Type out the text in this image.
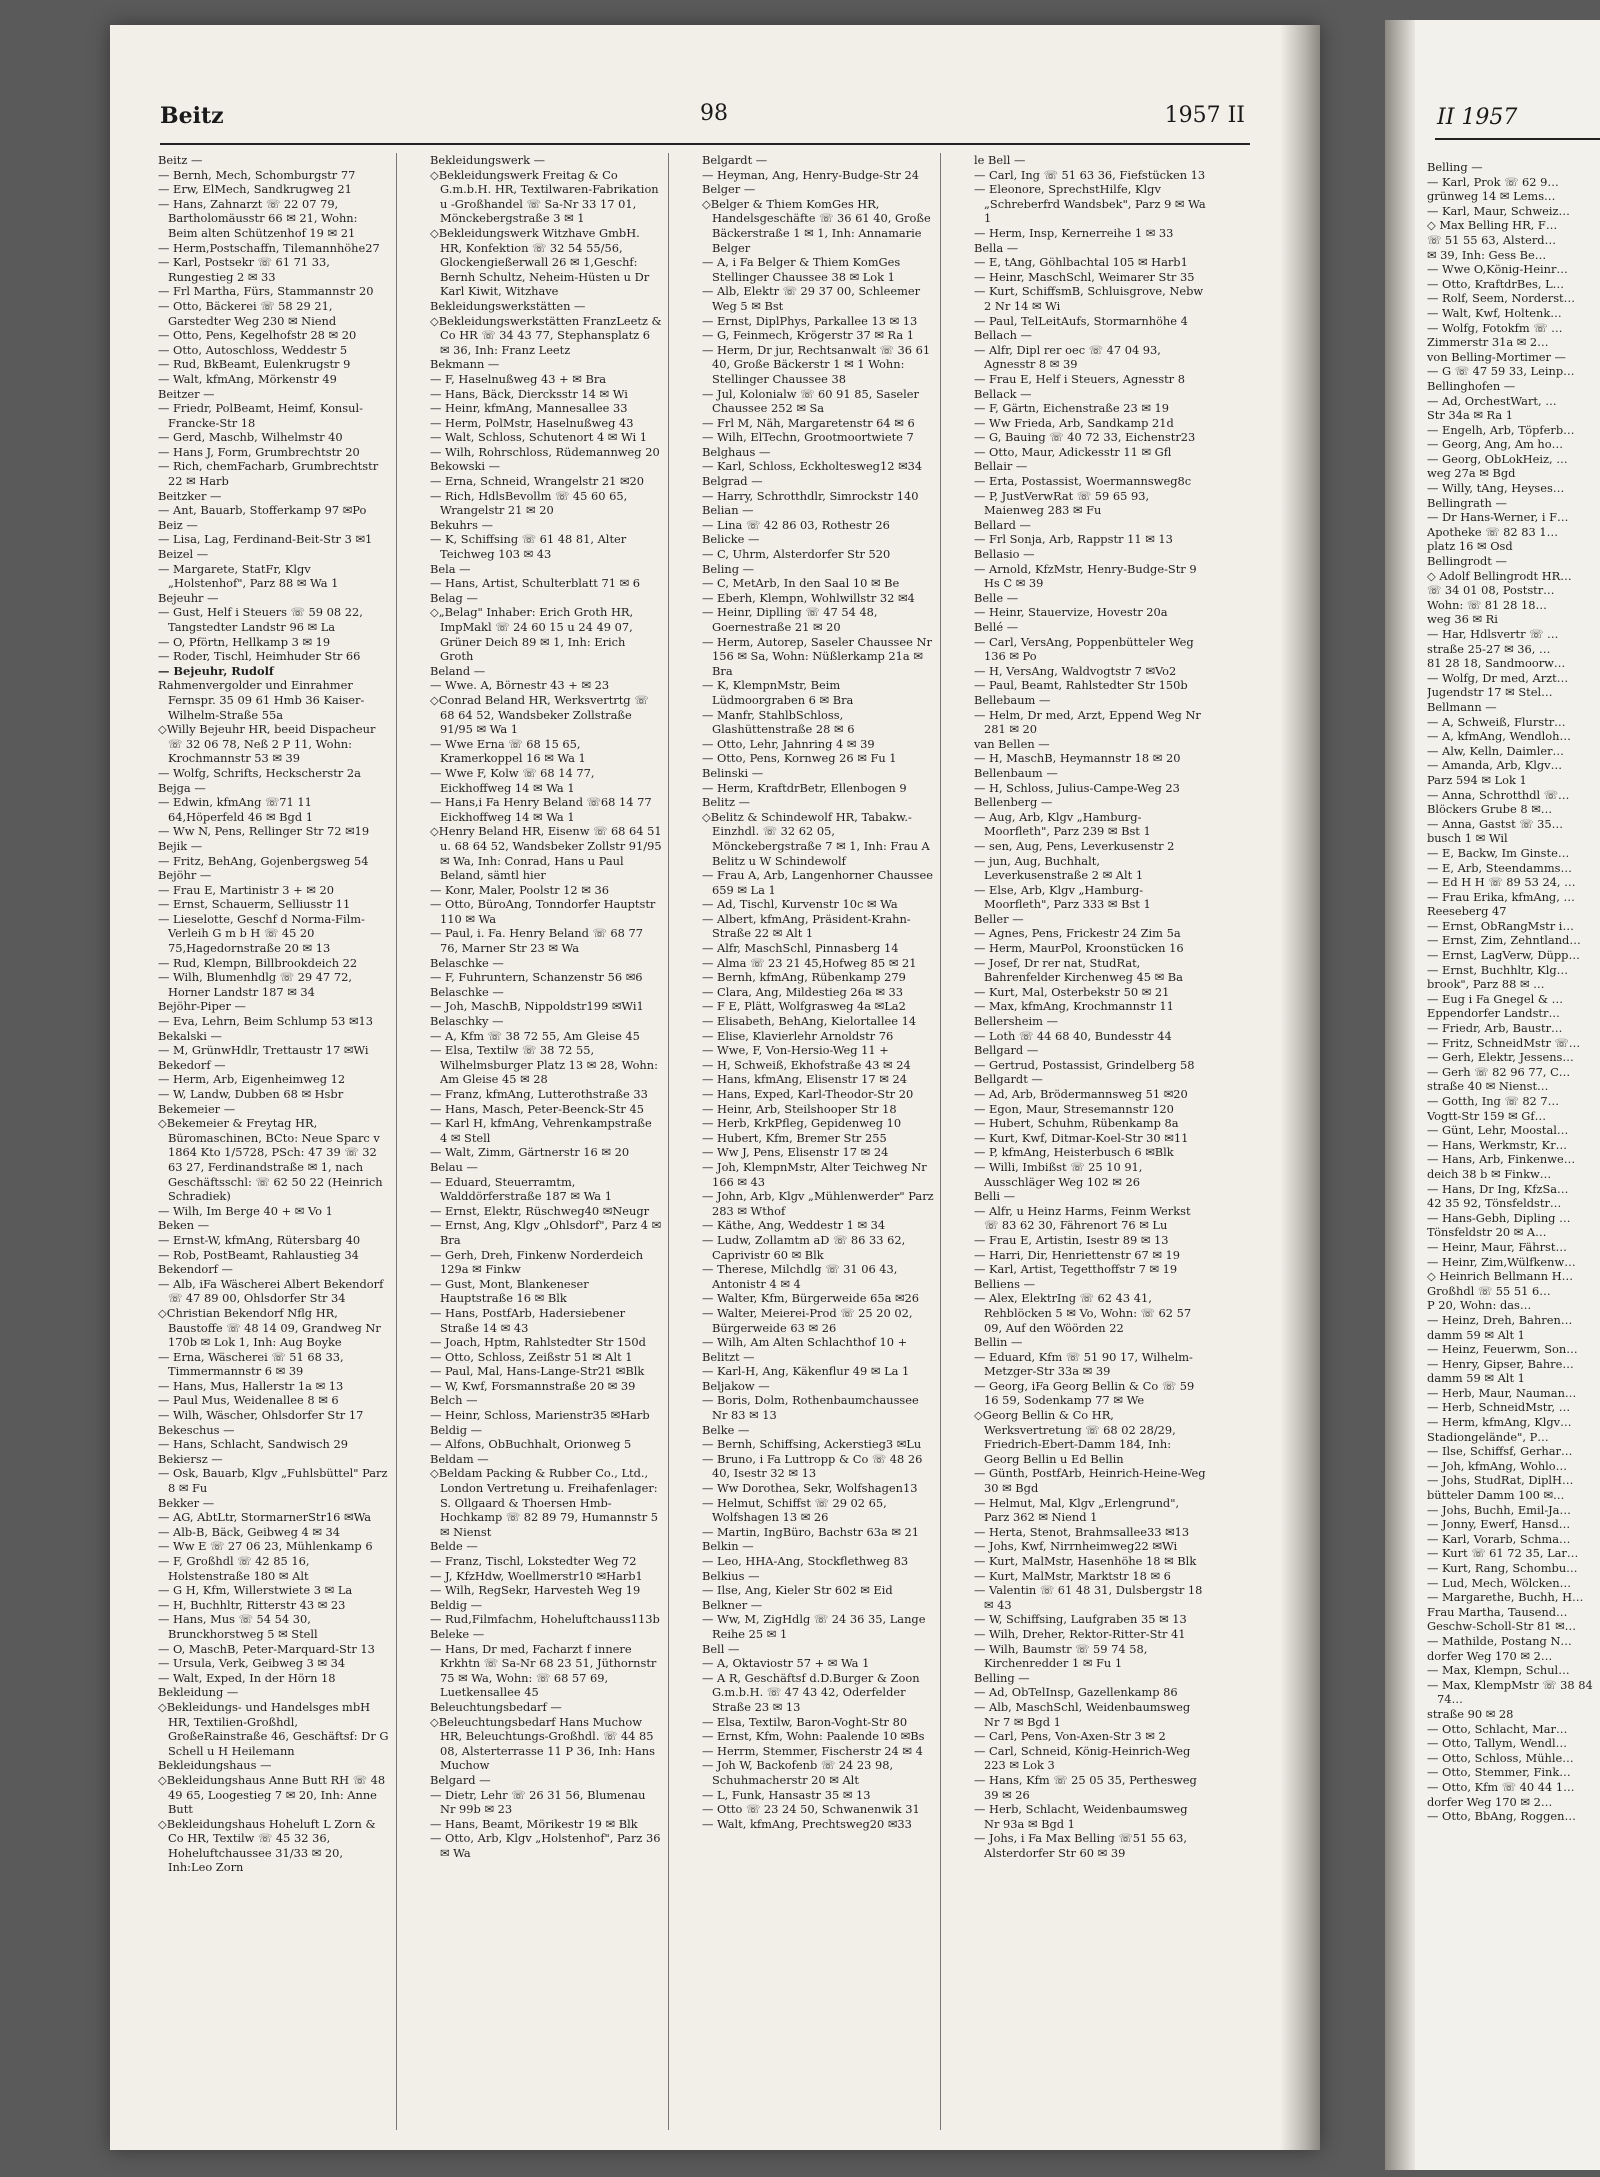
Beitz	98	1957 II

Beitz —

— Bernh, Mech, Schomburgstr 77

— Erw, ElMech, Sandkrugweg 21

— Hans, Zahnarzt ☏ 22 07 79, Bartholomäusstr 66 ✉ 21, Wohn: Beim alten Schützenhof 19 ✉ 21

— Herm,Postschaffn, Tilemannhöhe27

— Karl, Postsekr ☏ 61 71 33, Rungestieg 2 ✉ 33

— Frl Martha, Fürs, Stammannstr 20

— Otto, Bäckerei ☏ 58 29 21, Garstedter Weg 230 ✉ Niend

— Otto, Pens, Kegelhofstr 28 ✉ 20

— Otto, Autoschloss, Weddestr 5

— Rud, BkBeamt, Eulenkrugstr 9

— Walt, kfmAng, Mörkenstr 49

Beitzer —

— Friedr, PolBeamt, Heimf, Konsul-Francke-Str 18

— Gerd, Maschb, Wilhelmstr 40

— Hans J, Form, Grumbrechtstr 20

— Rich, chemFacharb, Grumbrechtstr 22 ✉ Harb

Beitzker —

— Ant, Bauarb, Stofferkamp 97 ✉Po

Beiz —

— Lisa, Lag, Ferdinand-Beit-Str 3 ✉1

Beizel —

— Margarete, StatFr, Klgv „Holstenhof", Parz 88 ✉ Wa 1

Bejeuhr —

— Gust, Helf i Steuers ☏ 59 08 22, Tangstedter Landstr 96 ✉ La

— O, Pförtn, Hellkamp 3 ✉ 19

— Roder, Tischl, Heimhuder Str 66

— Bejeuhr, Rudolf

Rahmenvergolder und Einrahmer Fernspr. 35 09 61 Hmb 36 Kaiser-Wilhelm-Straße 55a

◇ Willy Bejeuhr HR, beeid Dispacheur ☏ 32 06 78, Neß 2 P 11, Wohn: Krochmannstr 53 ✉ 39

— Wolfg, Schrifts, Heckscherstr 2a

Bejga —

— Edwin, kfmAng ☏71 11 64,Höperfeld 46 ✉ Bgd 1

— Ww N, Pens, Rellinger Str 72 ✉19

Bejik —

— Fritz, BehAng, Gojenbergsweg 54

Bejöhr —

— Frau E, Martinistr 3 + ✉ 20

— Ernst, Schauerm, Selliusstr 11

— Lieselotte, Geschf d Norma-Film-Verleih G m b H ☏ 45 20 75,Hagedornstraße 20 ✉ 13

— Rud, Klempn, Billbrookdeich 22

— Wilh, Blumenhdlg ☏ 29 47 72, Horner Landstr 187 ✉ 34

Bejöhr-Piper —

— Eva, Lehrn, Beim Schlump 53 ✉13

Bekalski —

— M, GrünwHdlr, Trettaustr 17 ✉Wi

Bekedorf —

— Herm, Arb, Eigenheimweg 12

— W, Landw, Dubben 68 ✉ Hsbr

Bekemeier —

◇ Bekemeier & Freytag HR, Büromaschinen, BCto: Neue Sparc v 1864 Kto 1/5728, PSch: 47 39 ☏ 32 63 27, Ferdinandstraße ✉ 1, nach Geschäftsschl: ☏ 62 50 22 (Heinrich Schradiek)

— Wilh, Im Berge 40 + ✉ Vo 1

Beken —

— Ernst-W, kfmAng, Rütersbarg 40

— Rob, PostBeamt, Rahlaustieg 34

Bekendorf —

— Alb, iFa Wäscherei Albert Bekendorf ☏ 47 89 00, Ohlsdorfer Str 34

◇ Christian Bekendorf Nflg HR, Baustoffe ☏ 48 14 09, Grandweg Nr 170b ✉ Lok 1, Inh: Aug Boyke

— Erna, Wäscherei ☏ 51 68 33, Timmermannstr 6 ✉ 39

— Hans, Mus, Hallerstr 1a ✉ 13

— Paul Mus, Weidenallee 8 ✉ 6

— Wilh, Wäscher, Ohlsdorfer Str 17

Bekeschus —

— Hans, Schlacht, Sandwisch 29

Bekiersz —

— Osk, Bauarb, Klgv „Fuhlsbüttel" Parz 8 ✉ Fu

Bekker —

— AG, AbtLtr, StormarnerStr16 ✉Wa

— Alb-B, Bäck, Geibweg 4 ✉ 34

— Ww E ☏ 27 06 23, Mühlenkamp 6

— F, Großhdl ☏ 42 85 16, Holstenstraße 180 ✉ Alt

— G H, Kfm, Willerstwiete 3 ✉ La

— H, Buchhltr, Ritterstr 43 ✉ 23

— Hans, Mus ☏ 54 54 30, Brunckhorstweg 5 ✉ Stell

— O, MaschB, Peter-Marquard-Str 13

— Ursula, Verk, Geibweg 3 ✉ 34

— Walt, Exped, In der Hörn 18

Bekleidung —

◇ Bekleidungs- und Handelsges mbH HR, Textilien-Großhdl, GroßeRainstraße 46, Geschäftsf: Dr G Schell u H Heilemann

Bekleidungshaus —

◇ Bekleidungshaus Anne Butt RH ☏ 48 49 65, Loogestieg 7 ✉ 20, Inh: Anne Butt

◇ Bekleidungshaus Hoheluft L Zorn & Co HR, Textilw ☏ 45 32 36, Hoheluftchaussee 31/33 ✉ 20, Inh:Leo Zorn

Bekleidungswerk —

◇ Bekleidungswerk Freitag & Co G.m.b.H. HR, Textilwaren-Fabrikation u -Großhandel ☏ Sa-Nr 33 17 01, Mönckebergstraße 3 ✉ 1

◇ Bekleidungswerk Witzhave GmbH. HR, Konfektion ☏ 32 54 55/56, Glockengießerwall 26 ✉ 1,Geschf: Bernh Schultz, Neheim-Hüsten u Dr Karl Kiwit, Witzhave

Bekleidungswerkstätten —

◇ Bekleidungswerkstätten FranzLeetz & Co HR ☏ 34 43 77, Stephansplatz 6 ✉ 36, Inh: Franz Leetz

Bekmann —

— F, Haselnußweg 43 + ✉ Bra

— Hans, Bäck, Diercksstr 14 ✉ Wi

— Heinr, kfmAng, Mannesallee 33

— Herm, PolMstr, Haselnußweg 43

— Walt, Schloss, Schutenort 4 ✉ Wi 1

— Wilh, Rohrschloss, Rüdemannweg 20

Bekowski —

— Erna, Schneid, Wrangelstr 21 ✉20

— Rich, HdlsBevollm ☏ 45 60 65, Wrangelstr 21 ✉ 20

Bekuhrs —

— K, Schiffsing ☏ 61 48 81, Alter Teichweg 103 ✉ 43

Bela —

— Hans, Artist, Schulterblatt 71 ✉ 6

Belag —

◇ „Belag" Inhaber: Erich Groth HR, ImpMakl ☏ 24 60 15 u 24 49 07, Grüner Deich 89 ✉ 1, Inh: Erich Groth

Beland —

— Wwe. A, Börnestr 43 + ✉ 23

◇ Conrad Beland HR, Werksvertrtg ☏ 68 64 52, Wandsbeker Zollstraße 91/95 ✉ Wa 1

— Wwe Erna ☏ 68 15 65, Kramerkoppel 16 ✉ Wa 1

— Wwe F, Kolw ☏ 68 14 77, Eickhoffweg 14 ✉ Wa 1

— Hans,i Fa Henry Beland ☏68 14 77 Eickhoffweg 14 ✉ Wa 1

◇ Henry Beland HR, Eisenw ☏ 68 64 51 u. 68 64 52, Wandsbeker Zollstr 91/95 ✉ Wa, Inh: Conrad, Hans u Paul Beland, sämtl hier

— Konr, Maler, Poolstr 12 ✉ 36

— Otto, BüroAng, Tonndorfer Hauptstr 110 ✉ Wa

— Paul, i. Fa. Henry Beland ☏ 68 77 76, Marner Str 23 ✉ Wa

Belaschke —

— F, Fuhruntern, Schanzenstr 56 ✉6

Belaschke —

— Joh, MaschB, Nippoldstr199 ✉Wi1

Belaschky —

— A, Kfm ☏ 38 72 55, Am Gleise 45

— Elsa, Textilw ☏ 38 72 55, Wilhelmsburger Platz 13 ✉ 28, Wohn: Am Gleise 45 ✉ 28

— Franz, kfmAng, Lutterothstraße 33

— Hans, Masch, Peter-Beenck-Str 45

— Karl H, kfmAng, Vehrenkampstraße 4 ✉ Stell

— Walt, Zimm, Gärtnerstr 16 ✉ 20

Belau —

— Eduard, Steuerramtm, Walddörferstraße 187 ✉ Wa 1

— Ernst, Elektr, Rüschweg40 ✉Neugr

— Ernst, Ang, Klgv „Ohlsdorf", Parz 4 ✉ Bra

— Gerh, Dreh, Finkenw Norderdeich 129a ✉ Finkw

— Gust, Mont, Blankeneser Hauptstraße 16 ✉ Blk

— Hans, PostfArb, Hadersiebener Straße 14 ✉ 43

— Joach, Hptm, Rahlstedter Str 150d

— Otto, Schloss, Zeißstr 51 ✉ Alt 1

— Paul, Mal, Hans-Lange-Str21 ✉Blk

— W, Kwf, Forsmannstraße 20 ✉ 39

Belch —

— Heinr, Schloss, Marienstr35 ✉Harb

Beldig —

— Alfons, ObBuchhalt, Orionweg 5

Beldam —

◇ Beldam Packing & Rubber Co., Ltd., London Vertretung u. Freihafenlager: S. Ollgaard & Thoersen Hmb-Hochkamp ☏ 82 89 79, Humannstr 5 ✉ Nienst

Belde —

— Franz, Tischl, Lokstedter Weg 72

— J, KfzHdw, Woellmerstr10 ✉Harb1

— Wilh, RegSekr, Harvesteh Weg 19

Beldig —

— Rud,Filmfachm, Hoheluftchauss113b

Beleke —

— Hans, Dr med, Facharzt f innere Krkhtn ☏ Sa-Nr 68 23 51, Jüthornstr 75 ✉ Wa, Wohn: ☏ 68 57 69, Luetkensallee 45

Beleuchtungsbedarf —

◇ Beleuchtungsbedarf Hans Muchow HR, Beleuchtungs-Großhdl. ☏ 44 85 08, Alsterterrasse 11 P 36, Inh: Hans Muchow

Belgard —

— Dietr, Lehr ☏ 26 31 56, Blumenau Nr 99b ✉ 23

— Hans, Beamt, Mörikestr 19 ✉ Blk

— Otto, Arb, Klgv „Holstenhof", Parz 36 ✉ Wa

Belgardt —

— Heyman, Ang, Henry-Budge-Str 24

Belger —

◇ Belger & Thiem KomGes HR, Handelsgeschäfte ☏ 36 61 40, Große Bäckerstraße 1 ✉ 1, Inh: Annamarie Belger

— A, i Fa Belger & Thiem KomGes Stellinger Chaussee 38 ✉ Lok 1

— Alb, Elektr ☏ 29 37 00, Schleemer Weg 5 ✉ Bst

— Ernst, DiplPhys, Parkallee 13 ✉ 13

— G, Feinmech, Krögerstr 37 ✉ Ra 1

— Herm, Dr jur, Rechtsanwalt ☏ 36 61 40, Große Bäckerstr 1 ✉ 1 Wohn: Stellinger Chaussee 38

— Jul, Kolonialw ☏ 60 91 85, Saseler Chaussee 252 ✉ Sa

— Frl M, Näh, Margaretenstr 64 ✉ 6

— Wilh, ElTechn, Grootmoortwiete 7

Belghaus —

— Karl, Schloss, Eckholtesweg12 ✉34

Belgrad —

— Harry, Schrotthdlr, Simrockstr 140

Belian —

— Lina ☏ 42 86 03, Rothestr 26

Belicke —

— C, Uhrm, Alsterdorfer Str 520

Beling —

— C, MetArb, In den Saal 10 ✉ Be

— Eberh, Klempn, Wohlwillstr 32 ✉4

— Heinr, Diplling ☏ 47 54 48, Goernestraße 21 ✉ 20

— Herm, Autorep, Saseler Chaussee Nr 156 ✉ Sa, Wohn: Nüßlerkamp 21a ✉ Bra

— K, KlempnMstr, Beim Lüdmoorgraben 6 ✉ Bra

— Manfr, StahlbSchloss, Glashüttenstraße 28 ✉ 6

— Otto, Lehr, Jahnring 4 ✉ 39

— Otto, Pens, Kornweg 26 ✉ Fu 1

Belinski —

— Herm, KraftdrBetr, Ellenbogen 9

Belitz —

◇ Belitz & Schindewolf HR, Tabakw.-Einzhdl. ☏ 32 62 05, Mönckebergstraße 7 ✉ 1, Inh: Frau A Belitz u W Schindewolf

— Frau A, Arb, Langenhorner Chaussee 659 ✉ La 1

— Ad, Tischl, Kurvenstr 10c ✉ Wa

— Albert, kfmAng, Präsident-Krahn-Straße 22 ✉ Alt 1

— Alfr, MaschSchl, Pinnasberg 14

— Alma ☏ 23 21 45,Hofweg 85 ✉ 21

— Bernh, kfmAng, Rübenkamp 279

— Clara, Ang, Mildestieg 26a ✉ 33

— F E, Plätt, Wolfgrasweg 4a ✉La2

— Elisabeth, BehAng, Kielortallee 14

— Elise, Klavierlehr Arnoldstr 76

— Wwe, F, Von-Hersio-Weg 11 +

— H, Schweiß, Ekhofstraße 43 ✉ 24

— Hans, kfmAng, Elisenstr 17 ✉ 24

— Hans, Exped, Karl-Theodor-Str 20

— Heinr, Arb, Steilshooper Str 18

— Herb, KrkPfleg, Gepidenweg 10

— Hubert, Kfm, Bremer Str 255

— Ww J, Pens, Elisenstr 17 ✉ 24

— Joh, KlempnMstr, Alter Teichweg Nr 166 ✉ 43

— John, Arb, Klgv „Mühlenwerder" Parz 283 ✉ Wthof

— Käthe, Ang, Weddestr 1 ✉ 34

— Ludw, Zollamtm aD ☏ 86 33 62, Caprivistr 60 ✉ Blk

— Therese, Milchdlg ☏ 31 06 43, Antonistr 4 ✉ 4

— Walter, Kfm, Bürgerweide 65a ✉26

— Walter, Meierei-Prod ☏ 25 20 02, Bürgerweide 63 ✉ 26

— Wilh, Am Alten Schlachthof 10 +

Belitzt —

— Karl-H, Ang, Käkenflur 49 ✉ La 1

Beljakow —

— Boris, Dolm, Rothenbaumchaussee Nr 83 ✉ 13

Belke —

— Bernh, Schiffsing, Ackerstieg3 ✉Lu

— Bruno, i Fa Luttropp & Co ☏ 48 26 40, Isestr 32 ✉ 13

— Ww Dorothea, Sekr, Wolfshagen13

— Helmut, Schiffst ☏ 29 02 65, Wolfshagen 13 ✉ 26

— Martin, IngBüro, Bachstr 63a ✉ 21

Belkin —

— Leo, HHA-Ang, Stockflethweg 83

Belkius —

— Ilse, Ang, Kieler Str 602 ✉ Eid

Belkner —

— Ww, M, ZigHdlg ☏ 24 36 35, Lange Reihe 25 ✉ 1

Bell —

— A, Oktaviostr 57 + ✉ Wa 1

— A R, Geschäftsf d.D.Burger & Zoon G.m.b.H. ☏ 47 43 42, Oderfelder Straße 23 ✉ 13

— Elsa, Textilw, Baron-Voght-Str 80

— Ernst, Kfm, Wohn: Paalende 10 ✉Bs

— Herrm, Stemmer, Fischerstr 24 ✉ 4

— Joh W, Backofenb ☏ 24 23 98, Schuhmacherstr 20 ✉ Alt

— L, Funk, Hansastr 35 ✉ 13

— Otto ☏ 23 24 50, Schwanenwik 31

— Walt, kfmAng, Prechtsweg20 ✉33

le Bell —

— Carl, Ing ☏ 51 63 36, Fiefstücken 13

— Eleonore, SprechstHilfe, Klgv „Schreberfrd Wandsbek", Parz 9 ✉ Wa 1

— Herm, Insp, Kernerreihe 1 ✉ 33

Bella —

— E, tAng, Göhlbachtal 105 ✉ Harb1

— Heinr, MaschSchl, Weimarer Str 35

— Kurt, SchiffsmB, Schluisgrove, Nebw 2 Nr 14 ✉ Wi

— Paul, TelLeitAufs, Stormarnhöhe 4

Bellach —

— Alfr, Dipl rer oec ☏ 47 04 93, Agnesstr 8 ✉ 39

— Frau E, Helf i Steuers, Agnesstr 8

Bellack —

— F, Gärtn, Eichenstraße 23 ✉ 19

— Ww Frieda, Arb, Sandkamp 21d

— G, Bauing ☏ 40 72 33, Eichenstr23

— Otto, Maur, Adickesstr 11 ✉ Gfl

Bellair —

— Erta, Postassist, Woermannsweg8c

— P, JustVerwRat ☏ 59 65 93, Maienweg 283 ✉ Fu

Bellard —

— Frl Sonja, Arb, Rappstr 11 ✉ 13

Bellasio —

— Arnold, KfzMstr, Henry-Budge-Str 9 Hs C ✉ 39

Belle —

— Heinr, Stauervize, Hovestr 20a

Bellé —

— Carl, VersAng, Poppenbütteler Weg 136 ✉ Po

— H, VersAng, Waldvogtstr 7 ✉Vo2

— Paul, Beamt, Rahlstedter Str 150b

Bellebaum —

— Helm, Dr med, Arzt, Eppend Weg Nr 281 ✉ 20

van Bellen —

— H, MaschB, Heymannstr 18 ✉ 20

Bellenbaum —

— H, Schloss, Julius-Campe-Weg 23

Bellenberg —

— Aug, Arb, Klgv „Hamburg-Moorfleth", Parz 239 ✉ Bst 1

— sen, Aug, Pens, Leverkusenstr 2

— jun, Aug, Buchhalt, Leverkusenstraße 2 ✉ Alt 1

— Else, Arb, Klgv „Hamburg-Moorfleth", Parz 333 ✉ Bst 1

Beller —

— Agnes, Pens, Frickestr 24 Zim 5a

— Herm, MaurPol, Kroonstücken 16

— Josef, Dr rer nat, StudRat, Bahrenfelder Kirchenweg 45 ✉ Ba

— Kurt, Mal, Osterbekstr 50 ✉ 21

— Max, kfmAng, Krochmannstr 11

Bellersheim —

— Loth ☏ 44 68 40, Bundesstr 44

Bellgard —

— Gertrud, Postassist, Grindelberg 58

Bellgardt —

— Ad, Arb, Brödermannsweg 51 ✉20

— Egon, Maur, Stresemannstr 120

— Hubert, Schuhm, Rübenkamp 8a

— Kurt, Kwf, Ditmar-Koel-Str 30 ✉11

— P, kfmAng, Heisterbusch 6 ✉Blk

— Willi, Imbißst ☏ 25 10 91, Ausschläger Weg 102 ✉ 26

Belli —

— Alfr, u Heinz Harms, Feinm Werkst ☏ 83 62 30, Fährenort 76 ✉ Lu

— Frau E, Artistin, Isestr 89 ✉ 13

— Harri, Dir, Henriettenstr 67 ✉ 19

— Karl, Artist, Tegetthoffstr 7 ✉ 19

Belliens —

— Alex, ElektrIng ☏ 62 43 41, Rehblöcken 5 ✉ Vo, Wohn: ☏ 62 57 09, Auf den Wöörden 22

Bellin —

— Eduard, Kfm ☏ 51 90 17, Wilhelm-Metzger-Str 33a ✉ 39

— Georg, iFa Georg Bellin & Co ☏ 59 16 59, Sodenkamp 77 ✉ We

◇ Georg Bellin & Co HR, Werksvertretung ☏ 68 02 28/29, Friedrich-Ebert-Damm 184, Inh: Georg Bellin u Ed Bellin

— Günth, PostfArb, Heinrich-Heine-Weg 30 ✉ Bgd

— Helmut, Mal, Klgv „Erlengrund", Parz 362 ✉ Niend 1

— Herta, Stenot, Brahmsallee33 ✉13

— Johs, Kwf, Nirrnheimweg22 ✉Wi

— Kurt, MalMstr, Hasenhöhe 18 ✉ Blk

— Kurt, MalMstr, Marktstr 18 ✉ 6

— Valentin ☏ 61 48 31, Dulsbergstr 18 ✉ 43

— W, Schiffsing, Laufgraben 35 ✉ 13

— Wilh, Dreher, Rektor-Ritter-Str 41

— Wilh, Baumstr ☏ 59 74 58, Kirchenredder 1 ✉ Fu 1

Belling —

— Ad, ObTelInsp, Gazellenkamp 86

— Alb, MaschSchl, Weidenbaumsweg Nr 7 ✉ Bgd 1

— Carl, Pens, Von-Axen-Str 3 ✉ 2

— Carl, Schneid, König-Heinrich-Weg 223 ✉ Lok 3

— Hans, Kfm ☏ 25 05 35, Perthesweg 39 ✉ 26

— Herb, Schlacht, Weidenbaumsweg Nr 93a ✉ Bgd 1

— Johs, i Fa Max Belling ☏51 55 63, Alsterdorfer Str 60 ✉ 39

II 1957

Belling —

— Karl, Prok ☏ 62 9…

grünweg 14 ✉ Lems…

— Karl, Maur, Schweiz…

◇ Max Belling HR, F…

☏ 51 55 63, Alsterd…

✉ 39, Inh: Gess Be…

— Wwe O,König-Heinr…

— Otto, KraftdrBes, L…

— Rolf, Seem, Norderst…

— Walt, Kwf, Holtenk…

— Wolfg, Fotokfm ☏ …

Zimmerstr 31a ✉ 2…

von Belling-Mortimer —

— G ☏ 47 59 33, Leinp…

Bellinghofen —

— Ad, OrchestWart, …

Str 34a ✉ Ra 1

— Engelh, Arb, Töpferb…

— Georg, Ang, Am ho…

— Georg, ObLokHeiz, …

weg 27a ✉ Bgd

— Willy, tAng, Heyses…

Bellingrath —

— Dr Hans-Werner, i F…

Apotheke ☏ 82 83 1…

platz 16 ✉ Osd

Bellingrodt —

◇ Adolf Bellingrodt HR…

☏ 34 01 08, Poststr…

Wohn: ☏ 81 28 18…

weg 36 ✉ Ri

— Har, Hdlsvertr ☏ …

straße 25-27 ✉ 36, …

81 28 18, Sandmoorw…

— Wolfg, Dr med, Arzt…

Jugendstr 17 ✉ Stel…

Bellmann —

— A, Schweiß, Flurstr…

— A, kfmAng, Wendloh…

— Alw, Kelln, Daimler…

— Amanda, Arb, Klgv…

Parz 594 ✉ Lok 1

— Anna, Schrotthdl ☏…

Blöckers Grube 8 ✉…

— Anna, Gastst ☏ 35…

busch 1 ✉ Wil

— E, Backw, Im Ginste…

— E, Arb, Steendamms…

— Ed H H ☏ 89 53 24, …

— Frau Erika, kfmAng, …

Reeseberg 47

— Ernst, ObRangMstr i…

— Ernst, Zim, Zehntland…

— Ernst, LagVerw, Düpp…

— Ernst, Buchhltr, Klg…

brook", Parz 88 ✉ …

— Eug i Fa Gnegel & …

Eppendorfer Landstr…

— Friedr, Arb, Baustr…

— Fritz, SchneidMstr ☏…

— Gerh, Elektr, Jessens…

— Gerh ☏ 82 96 77, C…

straße 40 ✉ Nienst…

— Gotth, Ing ☏ 82 7…

Vogtt-Str 159 ✉ Gf…

— Günt, Lehr, Moostal…

— Hans, Werkmstr, Kr…

— Hans, Arb, Finkenwe…

deich 38 b ✉ Finkw…

— Hans, Dr Ing, KfzSa…

42 35 92, Tönsfeldstr…

— Hans-Gebh, Dipling …

Tönsfeldstr 20 ✉ A…

— Heinr, Maur, Fährst…

— Heinr, Zim,Wülfkenw…

◇ Heinrich Bellmann H…

Großhdl ☏ 55 51 6…

P 20, Wohn: das…

— Heinz, Dreh, Bahren…

damm 59 ✉ Alt 1

— Heinz, Feuerwm, Son…

— Henry, Gipser, Bahre…

damm 59 ✉ Alt 1

— Herb, Maur, Nauman…

— Herb, SchneidMstr, …

— Herm, kfmAng, Klgv…

Stadiongelände", P…

— Ilse, Schiffsf, Gerhar…

— Joh, kfmAng, Wohlo…

— Johs, StudRat, DiplH…

bütteler Damm 100 ✉…

— Johs, Buchh, Emil-Ja…

— Jonny, Ewerf, Hansd…

— Karl, Vorarb, Schma…

— Kurt ☏ 61 72 35, Lar…

— Kurt, Rang, Schombu…

— Lud, Mech, Wölcken…

— Margarethe, Buchh, H…

Frau Martha, Tausend…

Geschw-Scholl-Str 81 ✉…

— Mathilde, Postang N…

dorfer Weg 170 ✉ 2…

— Max, Klempn, Schul…

— Max, KlempMstr ☏ 38 84 74…

straße 90 ✉ 28

— Otto, Schlacht, Mar…

— Otto, Tallym, Wendl…

— Otto, Schloss, Mühle…

— Otto, Stemmer, Fink…

— Otto, Kfm ☏ 40 44 1…

dorfer Weg 170 ✉ 2…

— Otto, BbAng, Roggen…
